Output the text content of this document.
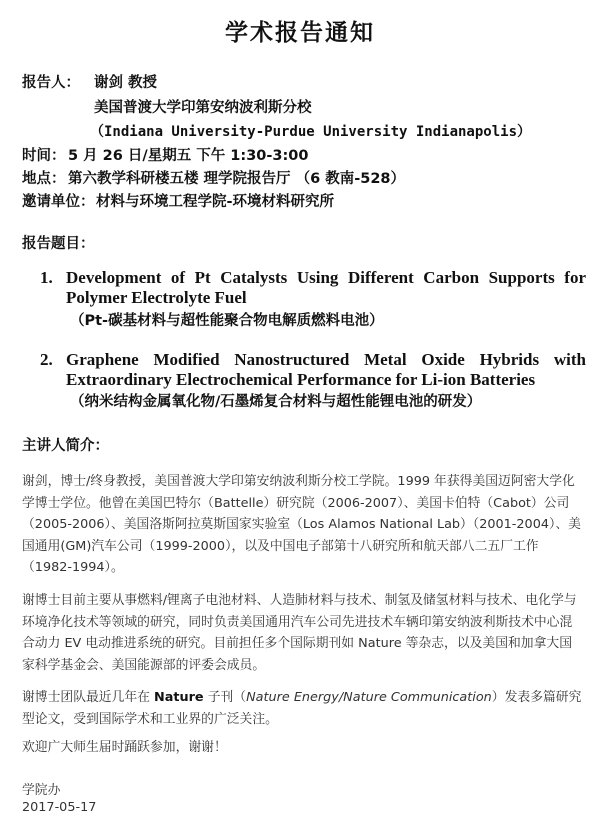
学术报告通知
报告人： 谢剑 教授
美国普渡大学印第安纳波利斯分校
（Indiana University-Purdue University Indianapolis）
时间： 5 月 26 日/星期五 下午 1:30-3:00
地点： 第六教学科研楼五楼 理学院报告厅 （6 教南-528）
邀请单位： 材料与环境工程学院-环境材料研究所
报告题目：
1. Development of Pt Catalysts Using Different Carbon Supports for Polymer Electrolyte Fuel
（Pt-碳基材料与超性能聚合物电解质燃料电池）
2. Graphene Modified Nanostructured Metal Oxide Hybrids with Extraordinary Electrochemical Performance for Li-ion Batteries
（纳米结构金属氧化物/石墨烯复合材料与超性能锂电池的研发）
主讲人简介：
谢剑，博士/终身教授，美国普渡大学印第安纳波利斯分校工学院。1999 年获得美国迈阿密大学化学博士学位。他曾在美国巴特尔（Battelle）研究院（2006-2007）、美国卡伯特（Cabot）公司（2005-2006）、美国洛斯阿拉莫斯国家实验室（Los Alamos National Lab）（2001-2004）、美国通用(GM)汽车公司（1999-2000），以及中国电子部第十八研究所和航天部八二五厂工作（1982-1994）。
谢博士目前主要从事燃料/锂离子电池材料、人造肺材料与技术、制氢及储氢材料与技术、电化学与环境净化技术等领域的研究，同时负责美国通用汽车公司先进技术车辆印第安纳波利斯技术中心混合动力 EV 电动推进系统的研究。目前担任多个国际期刊如 Nature 等杂志，以及美国和加拿大国家科学基金会、美国能源部的评委会成员。
谢博士团队最近几年在 Nature 子刊（Nature Energy/Nature Communication）发表多篇研究型论文，受到国际学术和工业界的广泛关注。
欢迎广大师生届时踊跃参加，谢谢！
学院办
2017-05-17
